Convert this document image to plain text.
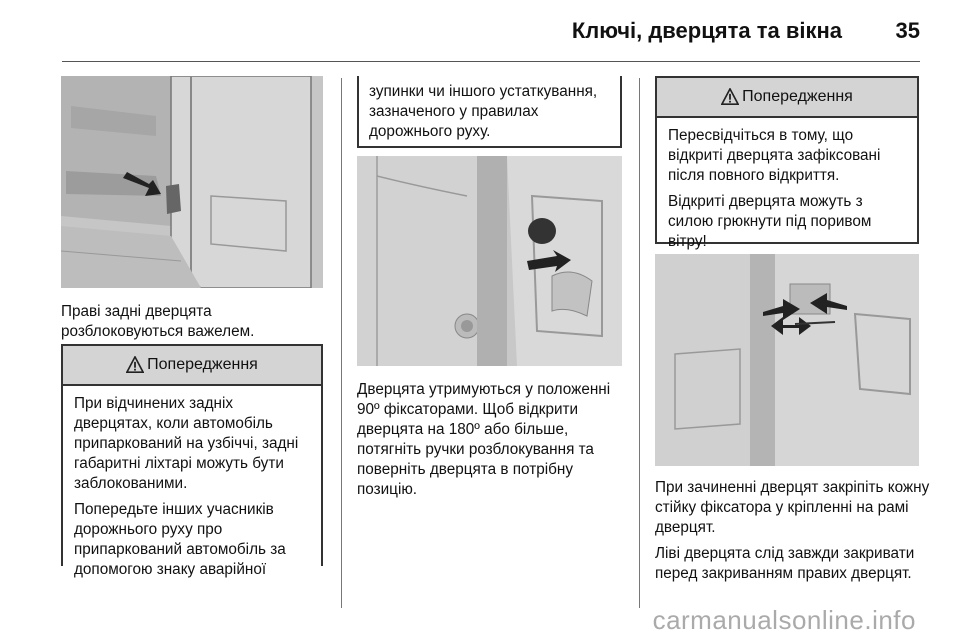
Ключі, дверцята та вікна 35
Праві задні дверцята розблоковуються важелем.
Попередження

При відчинених задніх дверцятах, коли автомобіль припаркований на узбіччі, задні габаритні ліхтарі можуть бути заблокованими.

Попередьте інших учасників дорожнього руху про припаркований автомобіль за допомогою знаку аварійної

зупинки чи іншого устаткування, зазначеного у правилах дорожнього руху.
Дверцята утримуються у положенні 90º фіксаторами. Щоб відкрити дверцята на 180º або більше, потягніть ручки розблокування та поверніть дверцята в потрібну позицію.
Попередження

Пересвідчіться в тому, що відкриті дверцята зафіксовані після повного відкриття.

Відкриті дверцята можуть з силою грюкнути під поривом вітру!

При зачиненні дверцят закріпіть кожну стійку фіксатора у кріпленні на рамі дверцят.

Ліві дверцята слід завжди закривати перед закриванням правих дверцят.

carmanualsonline.info
